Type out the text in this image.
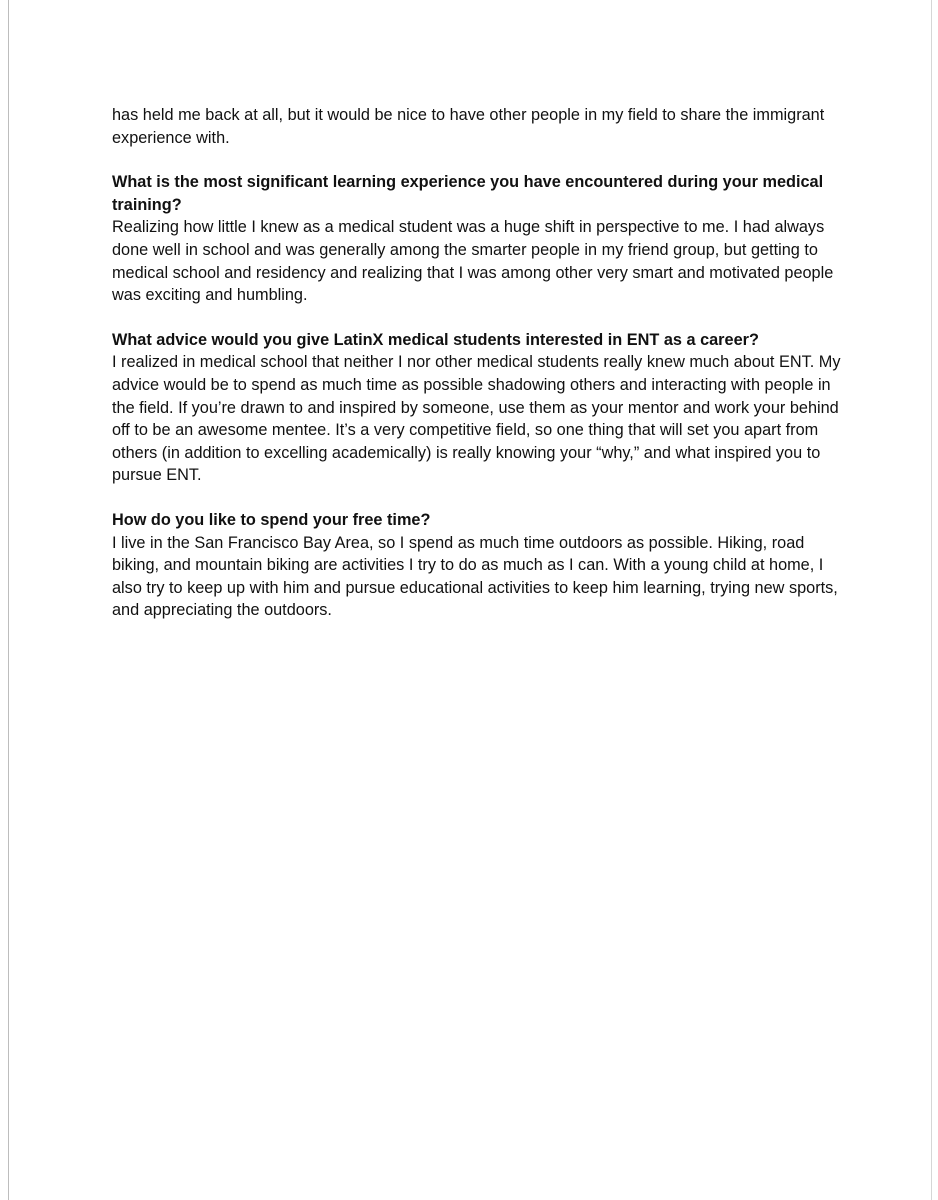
has held me back at all, but it would be nice to have other people in my field to share the immigrant experience with.

What is the most significant learning experience you have encountered during your medical training?

Realizing how little I knew as a medical student was a huge shift in perspective to me. I had always done well in school and was generally among the smarter people in my friend group, but getting to medical school and residency and realizing that I was among other very smart and motivated people was exciting and humbling.

What advice would you give LatinX medical students interested in ENT as a career?

I realized in medical school that neither I nor other medical students really knew much about ENT. My advice would be to spend as much time as possible shadowing others and interacting with people in the field. If you’re drawn to and inspired by someone, use them as your mentor and work your behind off to be an awesome mentee. It’s a very competitive field, so one thing that will set you apart from others (in addition to excelling academically) is really knowing your “why,” and what inspired you to pursue ENT.

How do you like to spend your free time?

I live in the San Francisco Bay Area, so I spend as much time outdoors as possible. Hiking, road biking, and mountain biking are activities I try to do as much as I can. With a young child at home, I also try to keep up with him and pursue educational activities to keep him learning, trying new sports, and appreciating the outdoors.
